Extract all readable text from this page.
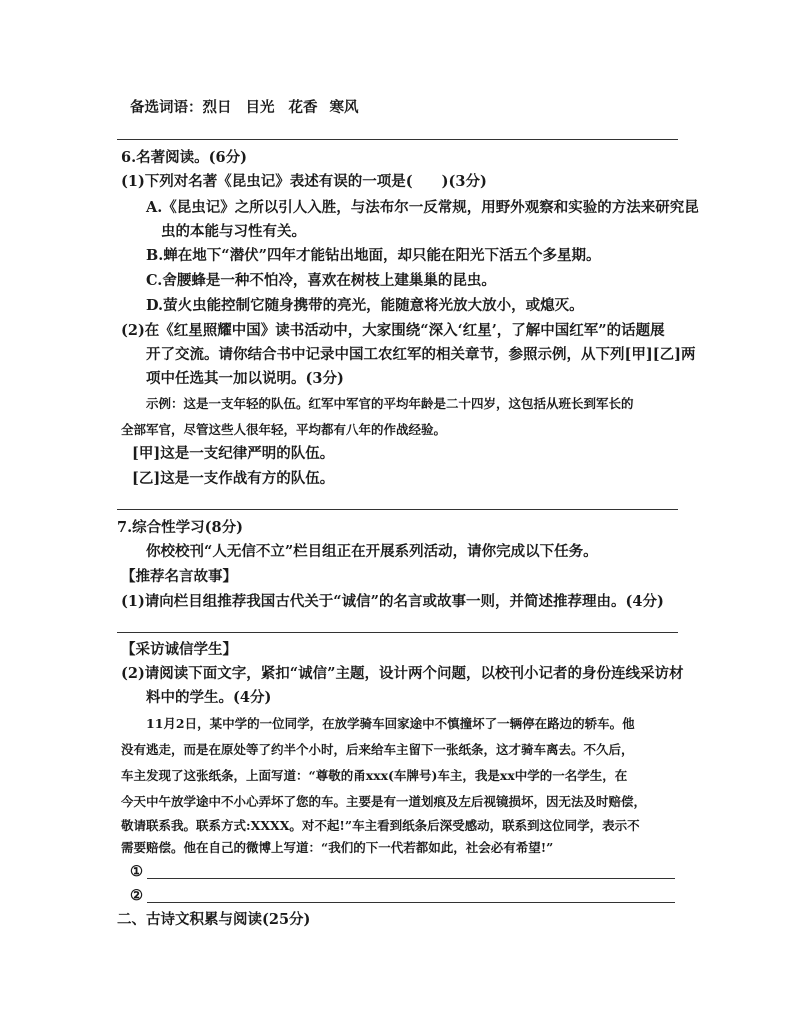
备选词语：烈日 目光 花香 寒风
6.名著阅读。(6分)
(1)下列对名著《昆虫记》表述有误的一项是(　　)(3分)
A.《昆虫记》之所以引人入胜，与法布尔一反常规，用野外观察和实验的方法来研究昆
虫的本能与习性有关。
B.蝉在地下“潜伏”四年才能钻出地面，却只能在阳光下活五个多星期。
C.舍腰蜂是一种不怕冷，喜欢在树枝上建巢巢的昆虫。
D.萤火虫能控制它随身携带的亮光，能随意将光放大放小，或熄灭。
(2)在《红星照耀中国》读书活动中，大家围绕“深入‘红星’，了解中国红军”的话题展
开了交流。请你结合书中记录中国工农红军的相关章节，参照示例，从下列[甲][乙]两
项中任选其一加以说明。(3分)
示例：这是一支年轻的队伍。红军中军官的平均年龄是二十四岁，这包括从班长到军长的
全部军官，尽管这些人很年轻，平均都有八年的作战经验。
[甲]这是一支纪律严明的队伍。
[乙]这是一支作战有方的队伍。
7.综合性学习(8分)
你校校刊“人无信不立”栏目组正在开展系列活动，请你完成以下任务。
【推荐名言故事】
(1)请向栏目组推荐我国古代关于“诚信”的名言或故事一则，并简述推荐理由。(4分)
【采访诚信学生】
(2)请阅读下面文字，紧扣“诚信”主题，设计两个问题，以校刊小记者的身份连线采访材
料中的学生。(4分)
11月2日，某中学的一位同学，在放学骑车回家途中不慎撞坏了一辆停在路边的轿车。他
没有逃走，而是在原处等了约半个小时，后来给车主留下一张纸条，这才骑车离去。不久后，
车主发现了这张纸条，上面写道：“尊敬的甬xxx(车牌号)车主，我是xx中学的一名学生，在
今天中午放学途中不小心弄坏了您的车。主要是有一道划痕及左后视镜损坏，因无法及时赔偿，
敬请联系我。联系方式:XXXX。对不起!”车主看到纸条后深受感动，联系到这位同学，表示不
需要赔偿。他在自己的微博上写道：“我们的下一代若都如此，社会必有希望!”
①
②
二、古诗文积累与阅读(25分)
